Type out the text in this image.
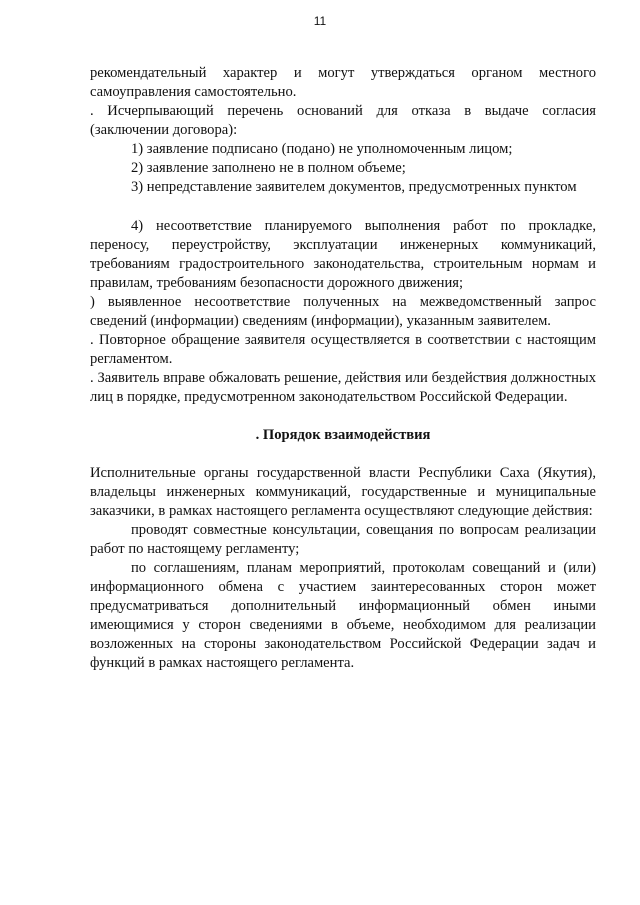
11

рекомендательный характер и могут утверждаться органом местного самоуправления самостоятельно.

. Исчерпывающий перечень оснований для отказа в выдаче согласия (заключении договора):

1) заявление подписано (подано) не уполномоченным лицом;

2) заявление заполнено не в полном объеме;

3) непредставление заявителем документов, предусмотренных пунктом

4) несоответствие планируемого выполнения работ по прокладке, переносу, переустройству, эксплуатации инженерных коммуникаций, требованиям градостроительного законодательства, строительным нормам и правилам, требованиям безопасности дорожного движения;

) выявленное несоответствие полученных на межведомственный запрос сведений (информации) сведениям (информации), указанным заявителем.

. Повторное обращение заявителя осуществляется в соответствии с настоящим регламентом.

. Заявитель вправе обжаловать решение, действия или бездействия должностных лиц в порядке, предусмотренном законодательством Российской Федерации.

. Порядок взаимодействия

Исполнительные органы государственной власти Республики Саха (Якутия), владельцы инженерных коммуникаций, государственные и муниципальные заказчики, в рамках настоящего регламента осуществляют следующие действия:

проводят совместные консультации, совещания по вопросам реализации работ по настоящему регламенту;

по соглашениям, планам мероприятий, протоколам совещаний и (или) информационного обмена с участием заинтересованных сторон может предусматриваться дополнительный информационный обмен иными имеющимися у сторон сведениями в объеме, необходимом для реализации возложенных на стороны законодательством Российской Федерации задач и функций в рамках настоящего регламента.
